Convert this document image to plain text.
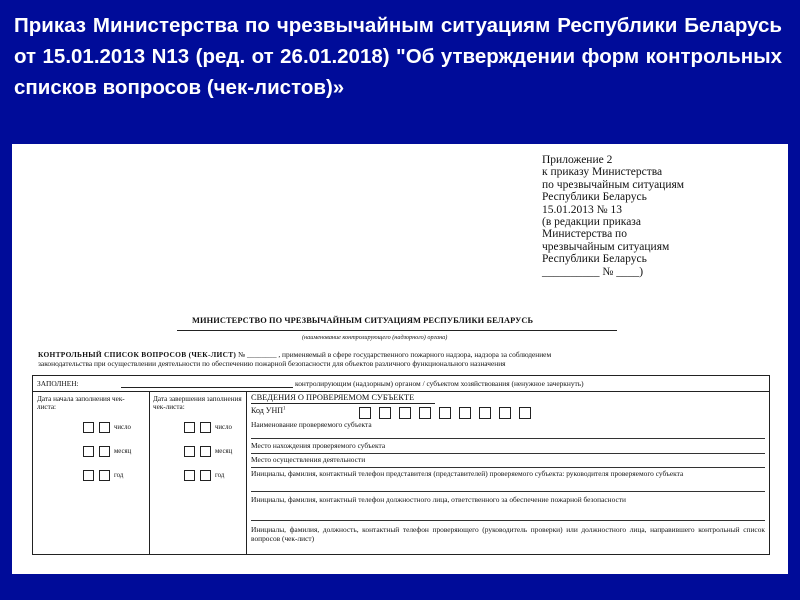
Приказ Министерства по чрезвычайным ситуациям Республики Беларусь от 15.01.2013 N13 (ред. от 26.01.2018) "Об утверждении форм контрольных списков вопросов (чек-листов)»
Приложение 2
к приказу Министерства
по чрезвычайным ситуациям
Республики Беларусь
15.01.2013 № 13
(в редакции приказа
Министерства по
чрезвычайным ситуациям
Республики Беларусь
__________ № ____)
МИНИСТЕРСТВО ПО ЧРЕЗВЫЧАЙНЫМ СИТУАЦИЯМ РЕСПУБЛИКИ БЕЛАРУСЬ
(наименование контролирующего (надзорного) органа)
КОНТРОЛЬНЫЙ СПИСОК ВОПРОСОВ (ЧЕК-ЛИСТ) № ________ , применяемый в сфере государственного пожарного надзора, надзора за соблюдением
законодательства при осуществлении деятельности по обеспечению пожарной безопасности для объектов различного функционального назначения
ЗАПОЛНЕН:	контролирующим (надзорным) органом / субъектом хозяйствования (ненужное зачеркнуть)
Дата начала заполнения чек-листа:
число
месяц
год
Дата завершения заполнения чек-листа:
число
месяц
год
СВЕДЕНИЯ О ПРОВЕРЯЕМОМ СУБЪЕКТЕ
Код УНП$^1$
Наименование проверяемого субъекта
Место нахождения проверяемого субъекта
Место осуществления деятельности
Инициалы, фамилия, контактный телефон представителя (представителей) проверяемого субъекта: руководителя проверяемого субъекта
Инициалы, фамилия, контактный телефон должностного лица, ответственного за обеспечение пожарной безопасности
Инициалы, фамилия, должность, контактный телефон проверяющего (руководитель проверки) или должностного лица, направившего контрольный список вопросов (чек-лист)
